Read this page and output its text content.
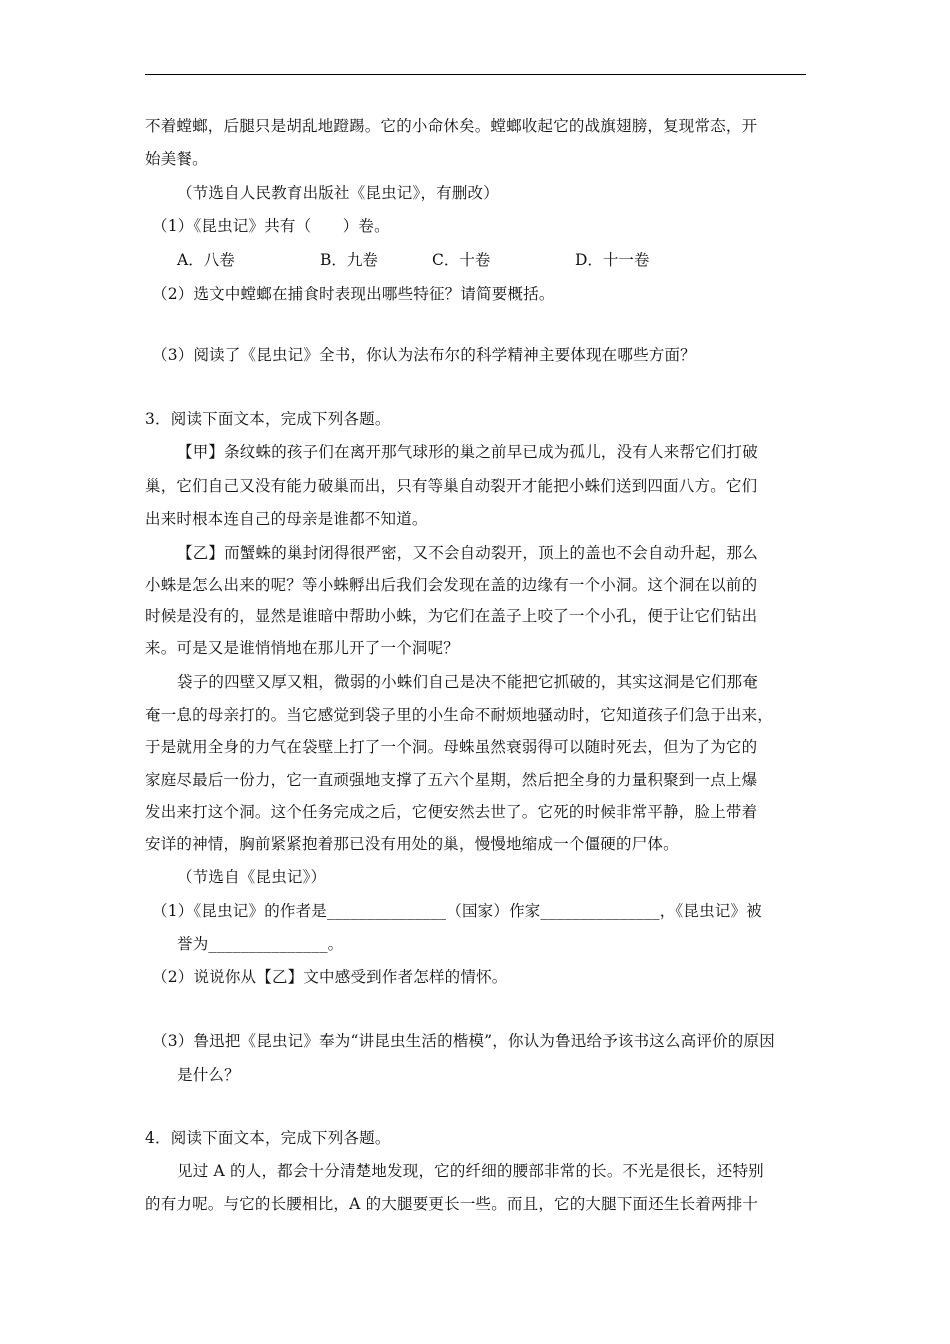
不着螳螂，后腿只是胡乱地蹬踢。它的小命休矣。螳螂收起它的战旗翅膀，复现常态，开
始美餐。
（节选自人民教育出版社《昆虫记》，有删改）
（1）《昆虫记》共有（　　）卷。
A．八卷	B．九卷	C．十卷	D．十一卷
（2）选文中螳螂在捕食时表现出哪些特征？请简要概括。
（3）阅读了《昆虫记》全书，你认为法布尔的科学精神主要体现在哪些方面？
3．阅读下面文本，完成下列各题。
【甲】条纹蛛的孩子们在离开那气球形的巢之前早已成为孤儿，没有人来帮它们打破
巢，它们自己又没有能力破巢而出，只有等巢自动裂开才能把小蛛们送到四面八方。它们
出来时根本连自己的母亲是谁都不知道。
【乙】而蟹蛛的巢封闭得很严密，又不会自动裂开，顶上的盖也不会自动升起，那么
小蛛是怎么出来的呢？等小蛛孵出后我们会发现在盖的边缘有一个小洞。这个洞在以前的
时候是没有的，显然是谁暗中帮助小蛛，为它们在盖子上咬了一个小孔，便于让它们钻出
来。可是又是谁悄悄地在那儿开了一个洞呢？
袋子的四壁又厚又粗，微弱的小蛛们自己是决不能把它抓破的，其实这洞是它们那奄
奄一息的母亲打的。当它感觉到袋子里的小生命不耐烦地骚动时，它知道孩子们急于出来，
于是就用全身的力气在袋壁上打了一个洞。母蛛虽然衰弱得可以随时死去，但为了为它的
家庭尽最后一份力，它一直顽强地支撑了五六个星期，然后把全身的力量积聚到一点上爆
发出来打这个洞。这个任务完成之后，它便安然去世了。它死的时候非常平静，脸上带着
安详的神情，胸前紧紧抱着那已没有用处的巢，慢慢地缩成一个僵硬的尸体。
（节选自《昆虫记》）
（1）《昆虫记》的作者是_______________（国家）作家_______________，《昆虫记》被
誉为_______________。
（2）说说你从【乙】文中感受到作者怎样的情怀。
（3）鲁迅把《昆虫记》奉为“讲昆虫生活的楷模”，你认为鲁迅给予该书这么高评价的原因
是什么？
4．阅读下面文本，完成下列各题。
见过 A 的人，都会十分清楚地发现，它的纤细的腰部非常的长。不光是很长，还特别
的有力呢。与它的长腰相比，A 的大腿要更长一些。而且，它的大腿下面还生长着两排十
